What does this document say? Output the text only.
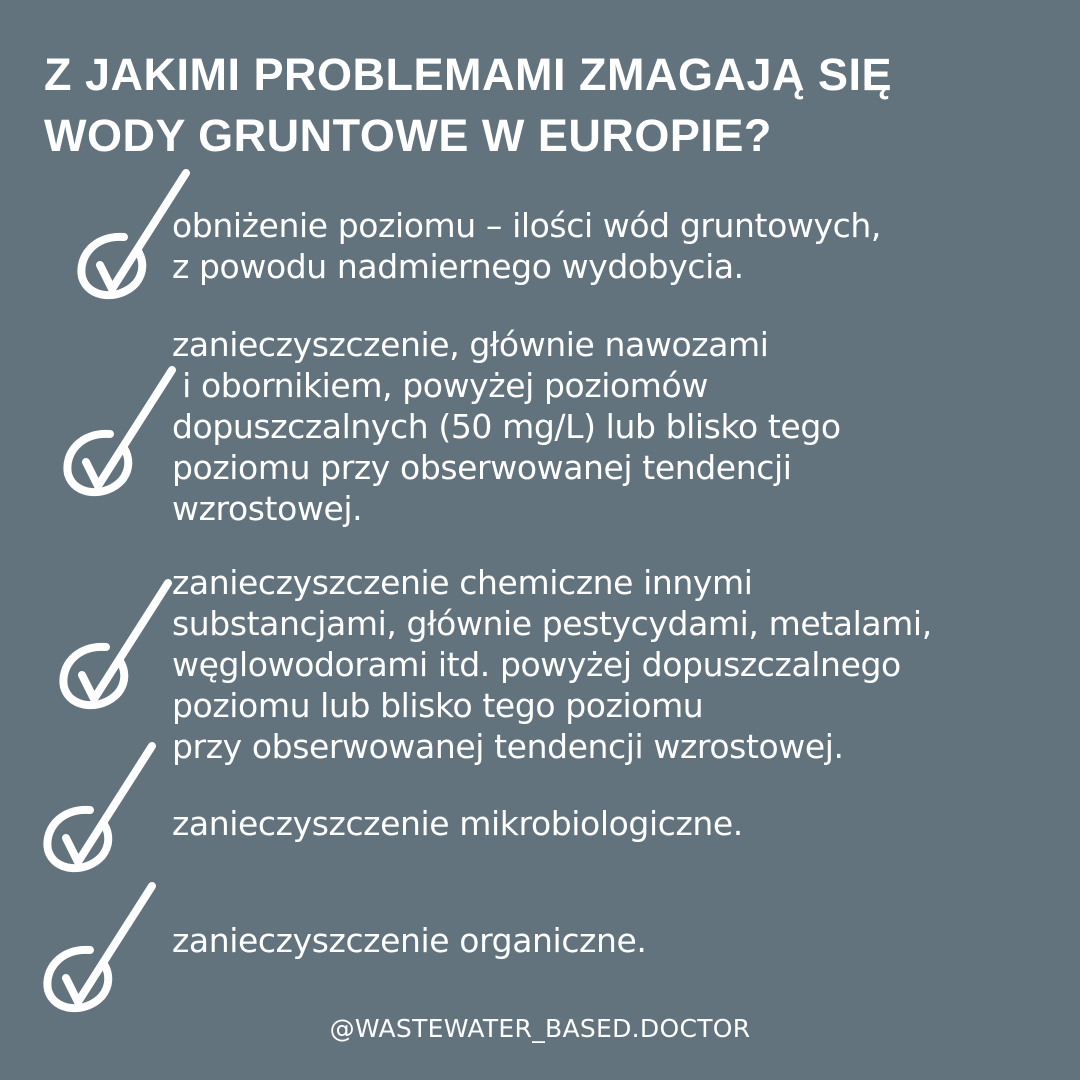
Z JAKIMI PROBLEMAMI ZMAGAJĄ SIĘ
WODY GRUNTOWE W EUROPIE?
obniżenie poziomu – ilości wód gruntowych,
z powodu nadmiernego wydobycia.
zanieczyszczenie, głównie nawozami
i obornikiem, powyżej poziomów
dopuszczalnych (50 mg/L) lub blisko tego
poziomu przy obserwowanej tendencji
wzrostowej.
zanieczyszczenie chemiczne innymi
substancjami, głównie pestycydami, metalami,
węglowodorami itd. powyżej dopuszczalnego
poziomu lub blisko tego poziomu
przy obserwowanej tendencji wzrostowej.
zanieczyszczenie mikrobiologiczne.
zanieczyszczenie organiczne.
@WASTEWATER_BASED.DOCTOR
